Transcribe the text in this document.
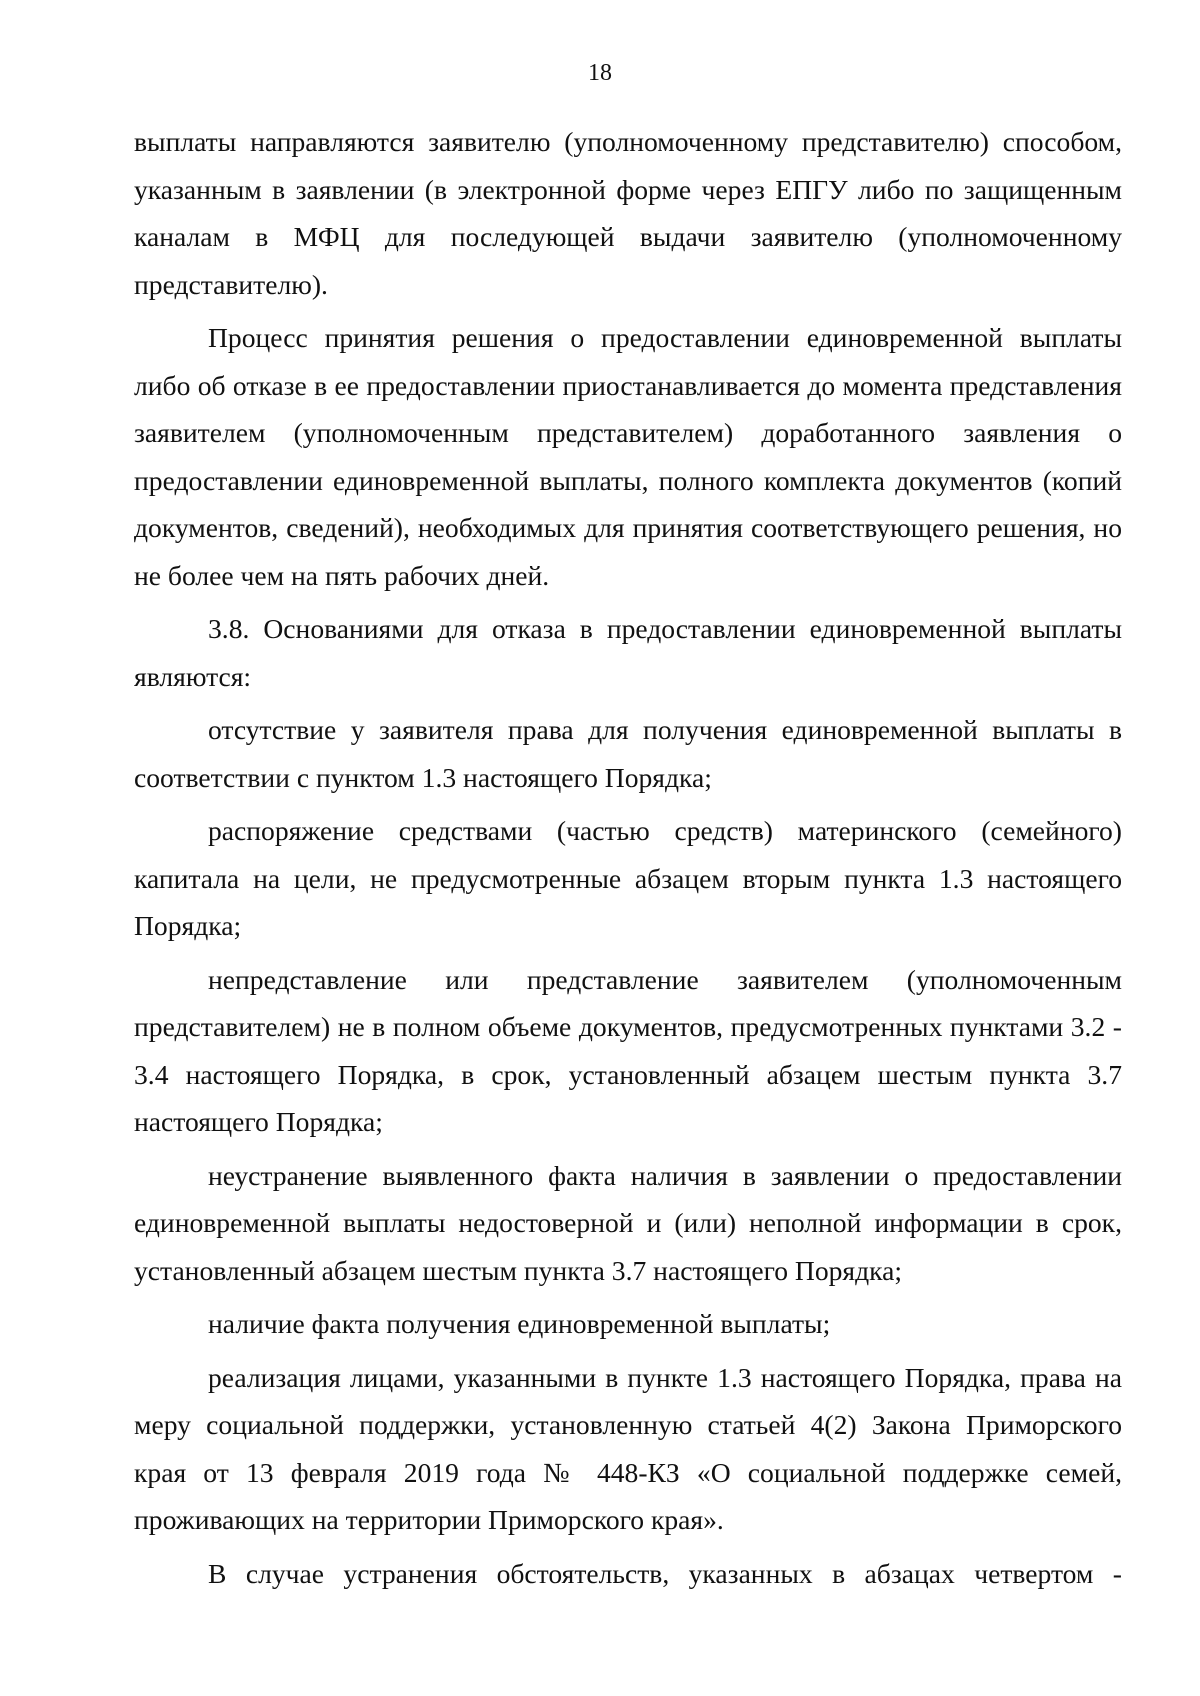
18

выплаты направляются заявителю (уполномоченному представителю) способом, указанным в заявлении (в электронной форме через ЕПГУ либо по защищенным каналам в МФЦ для последующей выдачи заявителю (уполномоченному представителю).

Процесс принятия решения о предоставлении единовременной выплаты либо об отказе в ее предоставлении приостанавливается до момента представления заявителем (уполномоченным представителем) доработанного заявления о предоставлении единовременной выплаты, полного комплекта документов (копий документов, сведений), необходимых для принятия соответствующего решения, но не более чем на пять рабочих дней.

3.8. Основаниями для отказа в предоставлении единовременной выплаты являются:

отсутствие у заявителя права для получения единовременной выплаты в соответствии с пунктом 1.3 настоящего Порядка;

распоряжение средствами (частью средств) материнского (семейного) капитала на цели, не предусмотренные абзацем вторым пункта 1.3 настоящего Порядка;

непредставление или представление заявителем (уполномоченным представителем) не в полном объеме документов, предусмотренных пунктами 3.2 - 3.4 настоящего Порядка, в срок, установленный абзацем шестым пункта 3.7 настоящего Порядка;

неустранение выявленного факта наличия в заявлении о предоставлении единовременной выплаты недостоверной и (или) неполной информации в срок, установленный абзацем шестым пункта 3.7 настоящего Порядка;

наличие факта получения единовременной выплаты;

реализация лицами, указанными в пункте 1.3 настоящего Порядка, права на меру социальной поддержки, установленную статьей 4(2) Закона Приморского края от 13 февраля 2019 года № 448-КЗ «О социальной поддержке семей, проживающих на территории Приморского края».

В случае устранения обстоятельств, указанных в абзацах четвертом -
